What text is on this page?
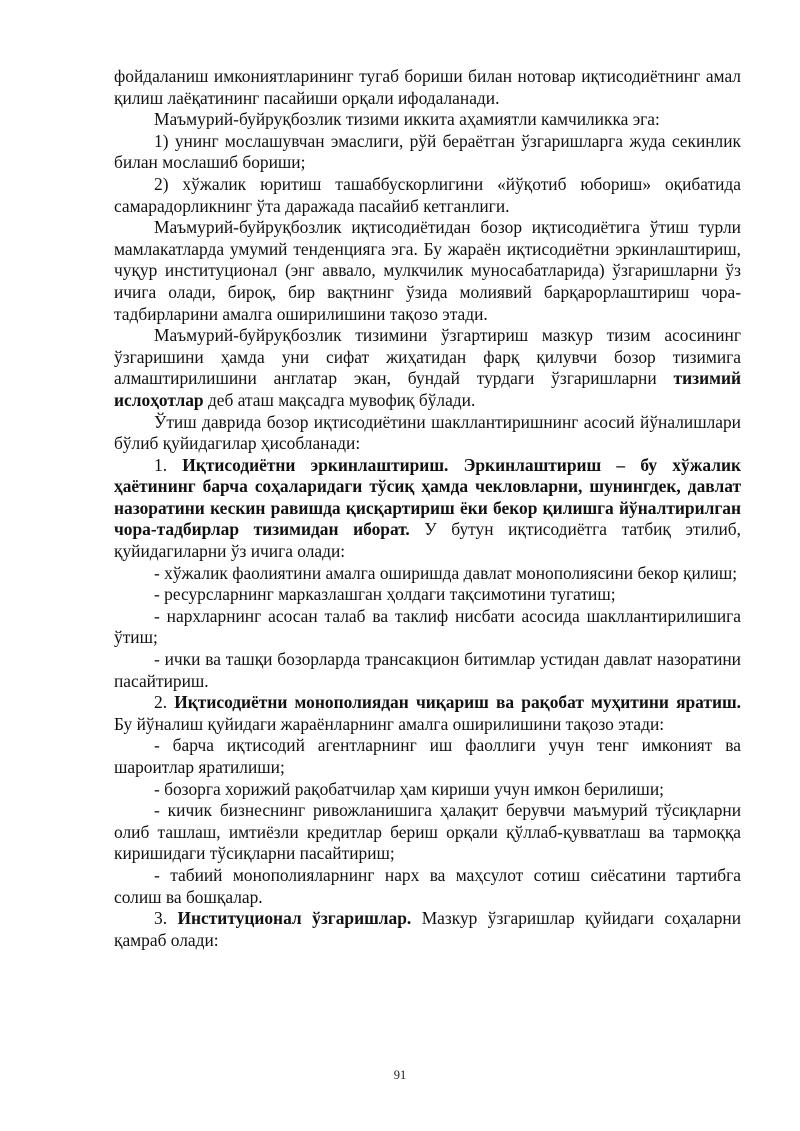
фойдаланиш имкониятларининг тугаб бориши билан нотовар иқтисодиётнинг амал қилиш лаёқатининг пасайиши орқали ифодаланади.

Маъмурий-буйруқбозлик тизими иккита аҳамиятли камчиликка эга:

1) унинг мослашувчан эмаслиги, рўй бераётган ўзгаришларга жуда секинлик билан мослашиб бориши;

2) хўжалик юритиш ташаббускорлигини «йўқотиб юбориш» оқибатида самарадорликнинг ўта даражада пасайиб кетганлиги.

Маъмурий-буйруқбозлик иқтисодиётидан бозор иқтисодиётига ўтиш турли мамлакатларда умумий тенденцияга эга. Бу жараён иқтисодиётни эркинлаштириш, чуқур институционал (энг аввало, мулкчилик муносабатларида) ўзгаришларни ўз ичига олади, бироқ, бир вақтнинг ўзида молиявий барқарорлаштириш чора-тадбирларини амалга оширилишини тақозо этади.

Маъмурий-буйруқбозлик тизимини ўзгартириш мазкур тизим асосининг ўзгаришини ҳамда уни сифат жиҳатидан фарқ қилувчи бозор тизимига алмаштирилишини англатар экан, бундай турдаги ўзгаришларни тизимий ислоҳотлар деб аташ мақсадга мувофиқ бўлади.

Ўтиш даврида бозор иқтисодиётини шакллантиришнинг асосий йўналишлари бўлиб қуйидагилар ҳисобланади:

1. Иқтисодиётни эркинлаштириш. Эркинлаштириш – бу хўжалик ҳаётининг барча соҳаларидаги тўсиқ ҳамда чекловларни, шунингдек, давлат назоратини кескин равишда қисқартириш ёки бекор қилишга йўналтирилган чора-тадбирлар тизимидан иборат. У бутун иқтисодиётга татбиқ этилиб, қуйидагиларни ўз ичига олади:

- хўжалик фаолиятини амалга оширишда давлат монополиясини бекор қилиш;

- ресурсларнинг марказлашган ҳолдаги тақсимотини тугатиш;

- нархларнинг асосан талаб ва таклиф нисбати асосида шакллантирилишига ўтиш;

- ички ва ташқи бозорларда трансакцион битимлар устидан давлат назоратини пасайтириш.

2. Иқтисодиётни монополиядан чиқариш ва рақобат муҳитини яратиш. Бу йўналиш қуйидаги жараёнларнинг амалга оширилишини тақозо этади:

- барча иқтисодий агентларнинг иш фаоллиги учун тенг имконият ва шароитлар яратилиши;

- бозорга хорижий рақобатчилар ҳам кириши учун имкон берилиши;

- кичик бизнеснинг ривожланишига ҳалақит берувчи маъмурий тўсиқларни олиб ташлаш, имтиёзли кредитлар бериш орқали қўллаб-қувватлаш ва тармоққа киришидаги тўсиқларни пасайтириш;

- табиий монополияларнинг нарх ва маҳсулот сотиш сиёсатини тартибга солиш ва бошқалар.

3. Институционал ўзгаришлар. Мазкур ўзгаришлар қуйидаги соҳаларни қамраб олади:

91
